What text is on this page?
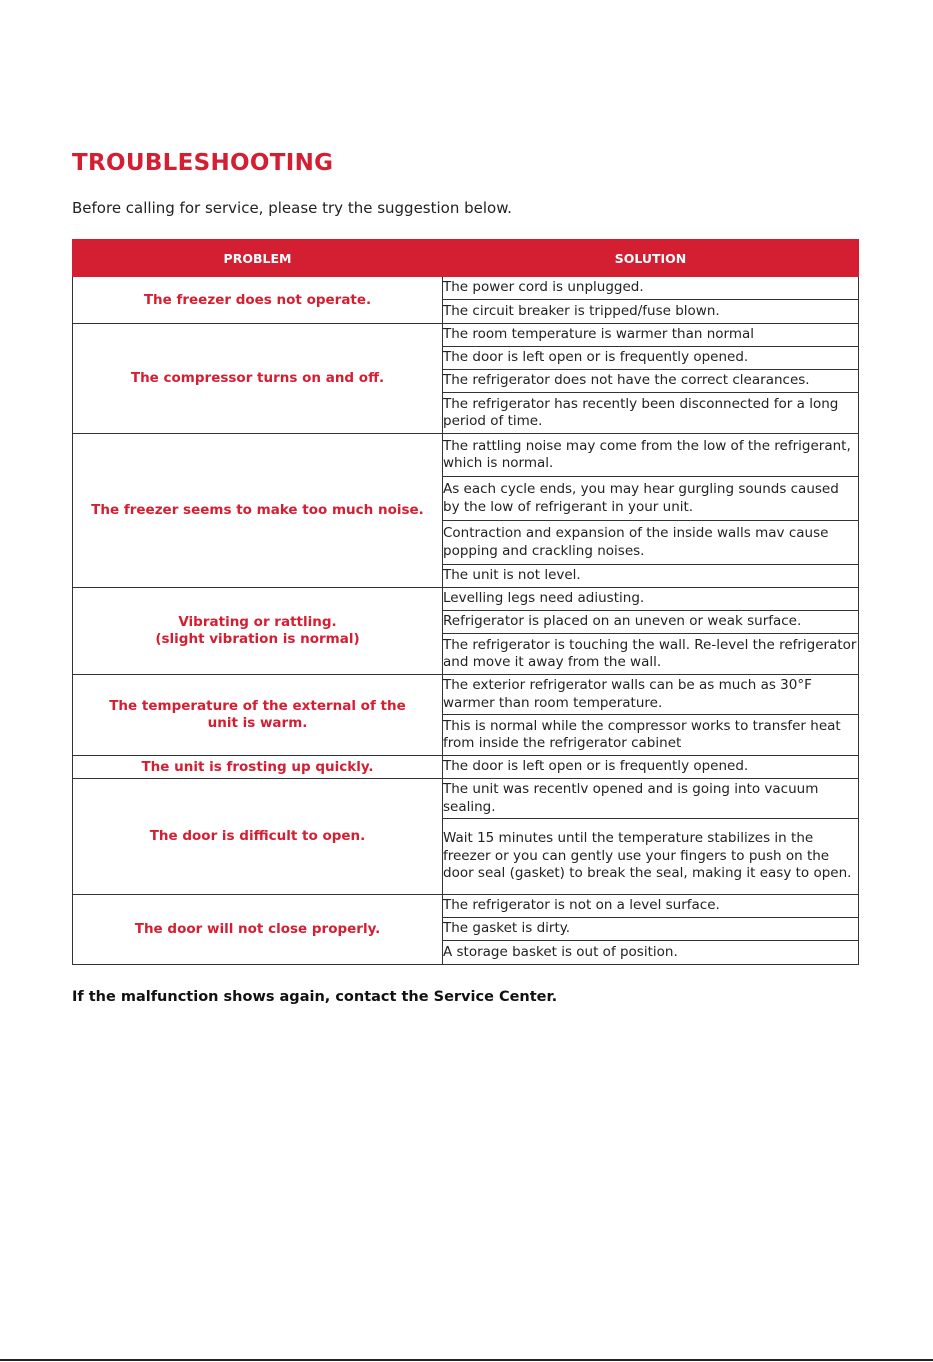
TROUBLESHOOTING

Before calling for service, please try the suggestion below.

PROBLEM	SOLUTION

The freezer does not operate.	The power cord is unplugged.
	The circuit breaker is tripped/fuse blown.

The compressor turns on and off.	The room temperature is warmer than normal
	The door is left open or is frequently opened.
	The refrigerator does not have the correct clearances.
	The refrigerator has recently been disconnected for a long period of time.

The freezer seems to make too much noise.	The rattling noise may come from the low of the refrigerant, which is normal.
	As each cycle ends, you may hear gurgling sounds caused by the low of refrigerant in your unit.
	Contraction and expansion of the inside walls mav cause popping and crackling noises.
	The unit is not level.

Vibrating or rattling.
(slight vibration is normal)	Levelling legs need adiusting.
	Refrigerator is placed on an uneven or weak surface.
	The refrigerator is touching the wall. Re-level the refrigerator and move it away from the wall.

The temperature of the external of the
unit is warm.	The exterior refrigerator walls can be as much as 30°F warmer than room temperature.
	This is normal while the compressor works to transfer heat from inside the refrigerator cabinet

The unit is frosting up quickly.	The door is left open or is frequently opened.

The door is difficult to open.	The unit was recentlv opened and is going into vacuum sealing.
	Wait 15 minutes until the temperature stabilizes in the freezer or you can gently use your fingers to push on the door seal (gasket) to break the seal, making it easy to open.

The door will not close properly.	The refrigerator is not on a level surface.
	The gasket is dirty.
	A storage basket is out of position.

If the malfunction shows again, contact the Service Center.
